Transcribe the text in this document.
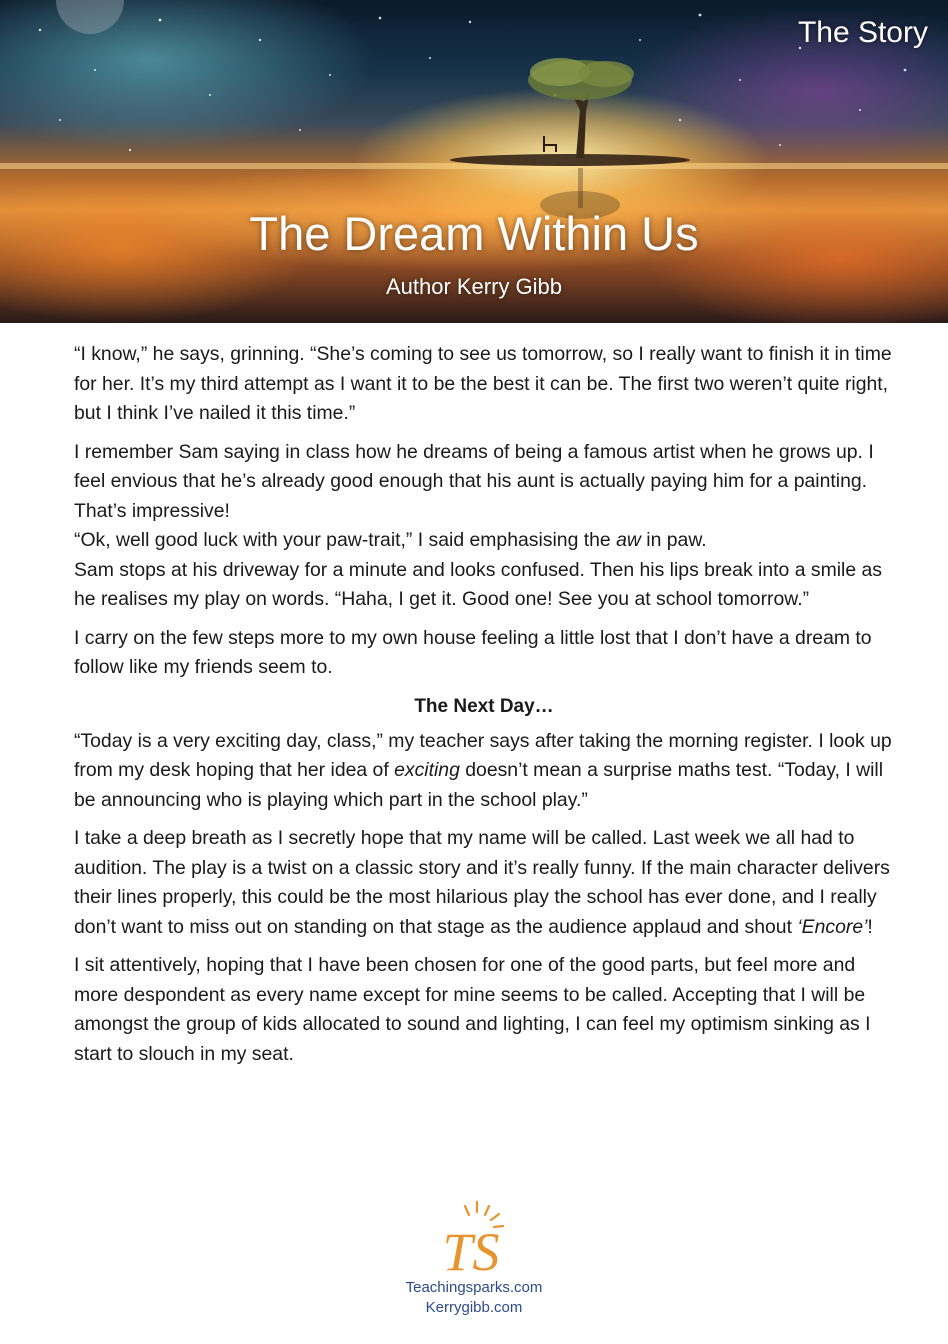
The Story

The Dream Within Us

Author Kerry Gibb

“I know,” he says, grinning. “She’s coming to see us tomorrow, so I really want to finish it in time for her. It’s my third attempt as I want it to be the best it can be. The first two weren’t quite right, but I think I’ve nailed it this time.”

I remember Sam saying in class how he dreams of being a famous artist when he grows up. I feel envious that he’s already good enough that his aunt is actually paying him for a painting. That’s impressive!

“Ok, well good luck with your paw-trait,” I said emphasising the aw in paw.

Sam stops at his driveway for a minute and looks confused. Then his lips break into a smile as he realises my play on words. “Haha, I get it. Good one! See you at school tomorrow.”

I carry on the few steps more to my own house feeling a little lost that I don’t have a dream to follow like my friends seem to.

The Next Day…

“Today is a very exciting day, class,” my teacher says after taking the morning register. I look up from my desk hoping that her idea of exciting doesn’t mean a surprise maths test. “Today, I will be announcing who is playing which part in the school play.”

I take a deep breath as I secretly hope that my name will be called. Last week we all had to audition. The play is a twist on a classic story and it’s really funny. If the main character delivers their lines properly, this could be the most hilarious play the school has ever done, and I really don’t want to miss out on standing on that stage as the audience applaud and shout ‘Encore’!

I sit attentively, hoping that I have been chosen for one of the good parts, but feel more and more despondent as every name except for mine seems to be called. Accepting that I will be amongst the group of kids allocated to sound and lighting, I can feel my optimism sinking as I start to slouch in my seat.

TS

Teachingsparks.com

Kerrygibb.com
